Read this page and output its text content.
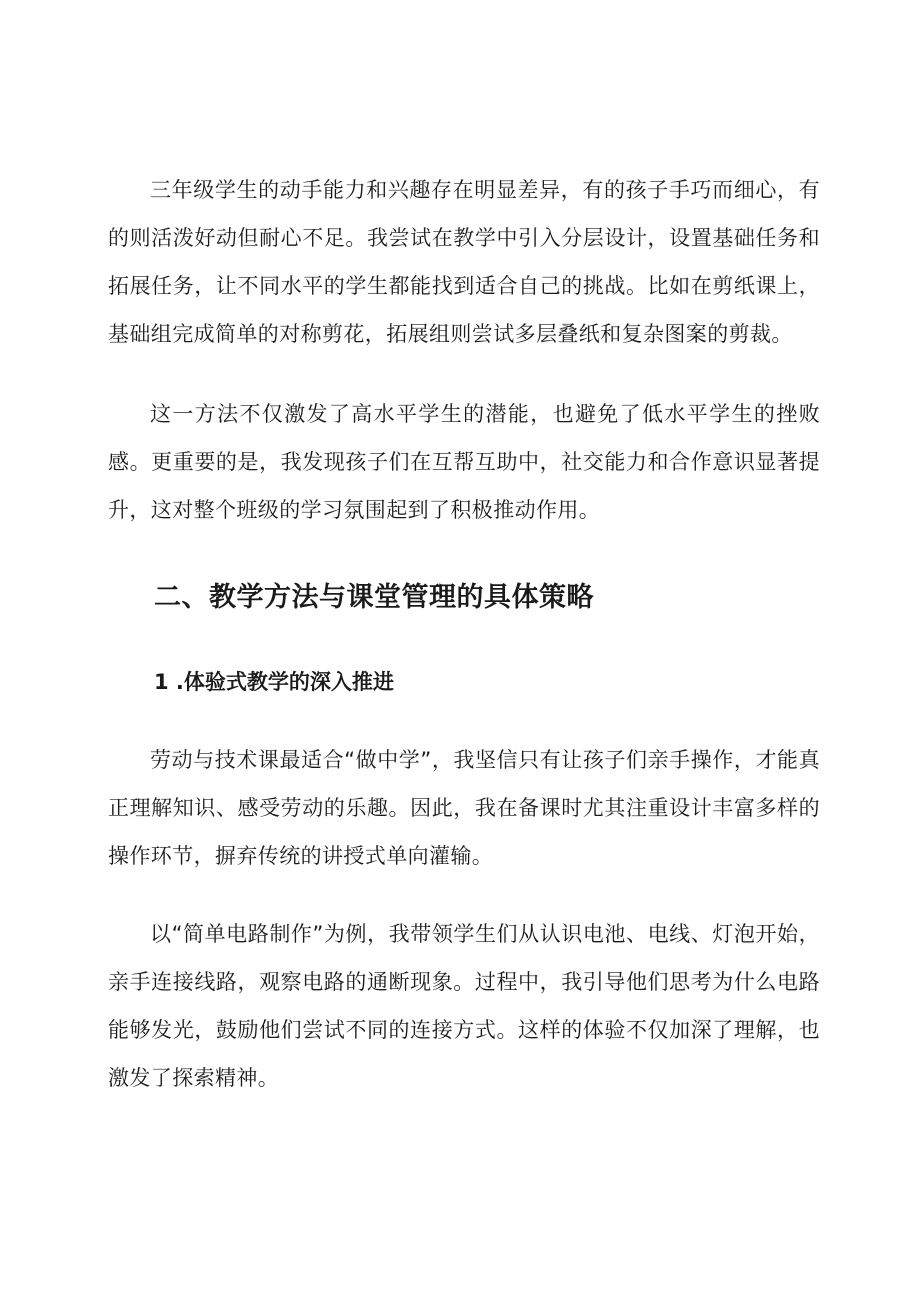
三年级学生的动手能力和兴趣存在明显差异，有的孩子手巧而细心，有的则活泼好动但耐心不足。我尝试在教学中引入分层设计，设置基础任务和拓展任务，让不同水平的学生都能找到适合自己的挑战。比如在剪纸课上，基础组完成简单的对称剪花，拓展组则尝试多层叠纸和复杂图案的剪裁。

这一方法不仅激发了高水平学生的潜能，也避免了低水平学生的挫败感。更重要的是，我发现孩子们在互帮互助中，社交能力和合作意识显著提升，这对整个班级的学习氛围起到了积极推动作用。

二、教学方法与课堂管理的具体策略
1 .体验式教学的深入推进

劳动与技术课最适合“做中学”，我坚信只有让孩子们亲手操作，才能真正理解知识、感受劳动的乐趣。因此，我在备课时尤其注重设计丰富多样的操作环节，摒弃传统的讲授式单向灌输。

以“简单电路制作”为例，我带领学生们从认识电池、电线、灯泡开始，亲手连接线路，观察电路的通断现象。过程中，我引导他们思考为什么电路能够发光，鼓励他们尝试不同的连接方式。这样的体验不仅加深了理解，也激发了探索精神。
